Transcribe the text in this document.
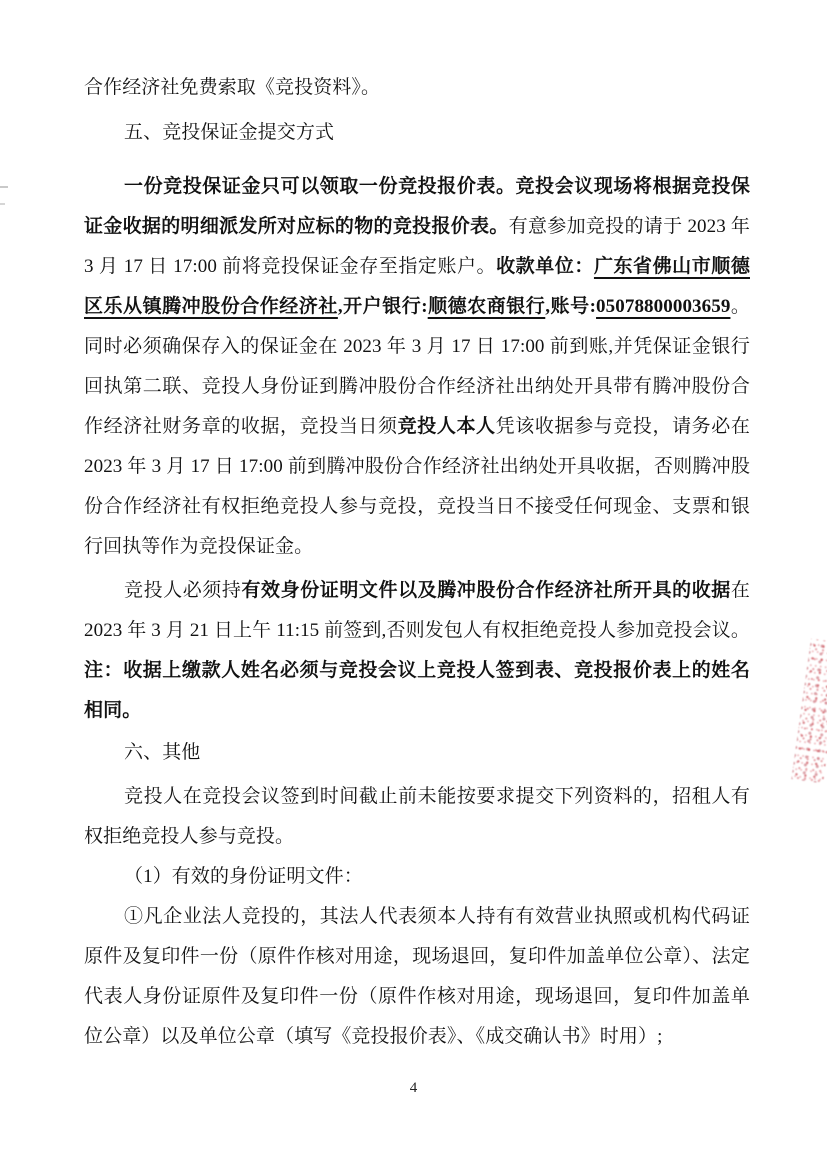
合作经济社免费索取《竞投资料》。
五、竞投保证金提交方式
一份竞投保证金只可以领取一份竞投报价表。竞投会议现场将根据竞投保
证金收据的明细派发所对应标的物的竞投报价表。有意参加竞投的请于 2023 年
3 月 17 日 17:00 前将竞投保证金存至指定账户。收款单位：广东省佛山市顺德
区乐从镇腾冲股份合作经济社,开户银行:顺德农商银行,账号:05078800003659。
同时必须确保存入的保证金在 2023 年 3 月 17 日 17:00 前到账,并凭保证金银行
回执第二联、竞投人身份证到腾冲股份合作经济社出纳处开具带有腾冲股份合
作经济社财务章的收据，竞投当日须竞投人本人凭该收据参与竞投，请务必在
2023 年 3 月 17 日 17:00 前到腾冲股份合作经济社出纳处开具收据，否则腾冲股
份合作经济社有权拒绝竞投人参与竞投，竞投当日不接受任何现金、支票和银
行回执等作为竞投保证金。
竞投人必须持有效身份证明文件以及腾冲股份合作经济社所开具的收据在
2023 年 3 月 21 日上午 11:15 前签到,否则发包人有权拒绝竞投人参加竞投会议。
注：收据上缴款人姓名必须与竞投会议上竞投人签到表、竞投报价表上的姓名
相同。
六、其他
竞投人在竞投会议签到时间截止前未能按要求提交下列资料的，招租人有
权拒绝竞投人参与竞投。
（1）有效的身份证明文件：
①凡企业法人竞投的，其法人代表须本人持有有效营业执照或机构代码证
原件及复印件一份（原件作核对用途，现场退回，复印件加盖单位公章）、法定
代表人身份证原件及复印件一份（原件作核对用途，现场退回，复印件加盖单
位公章）以及单位公章（填写《竞投报价表》、《成交确认书》时用）;
4
